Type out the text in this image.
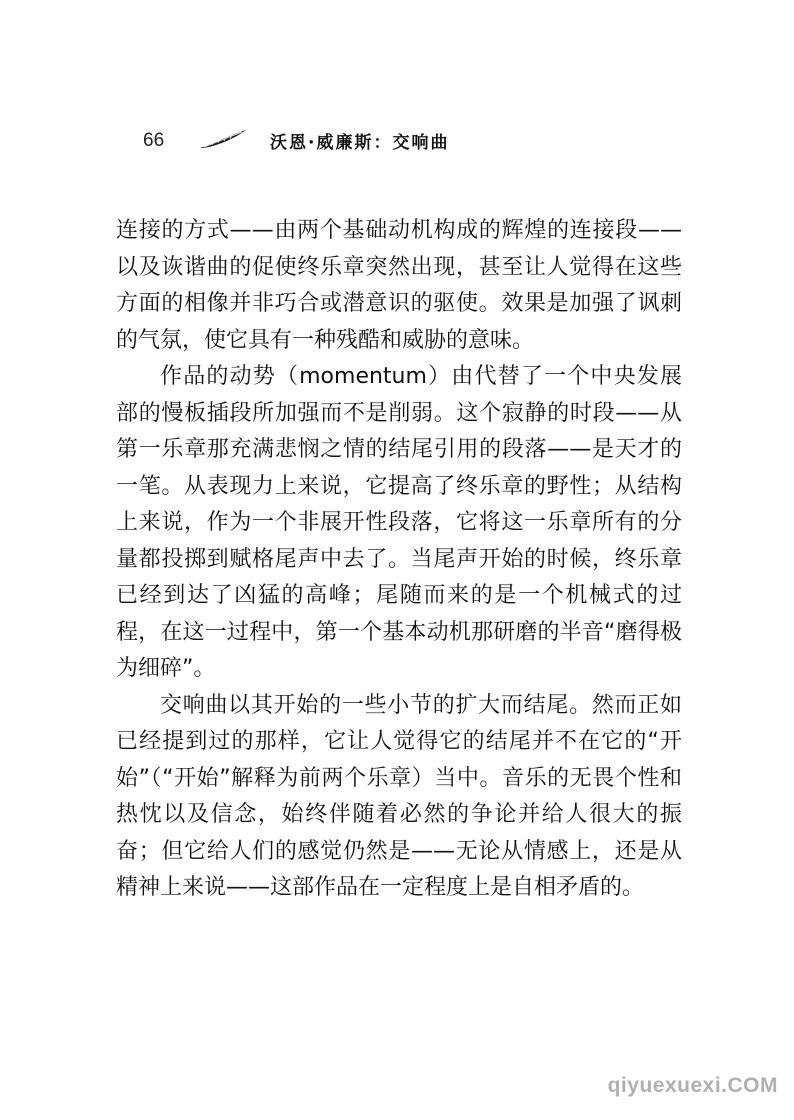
66	沃恩·威廉斯：交响曲

连接的方式——由两个基础动机构成的辉煌的连接段——以及诙谐曲的促使终乐章突然出现，甚至让人觉得在这些方面的相像并非巧合或潜意识的驱使。效果是加强了讽刺的气氛，使它具有一种残酷和威胁的意味。

作品的动势（momentum）由代替了一个中央发展部的慢板插段所加强而不是削弱。这个寂静的时段——从第一乐章那充满悲悯之情的结尾引用的段落——是天才的一笔。从表现力上来说，它提高了终乐章的野性；从结构上来说，作为一个非展开性段落，它将这一乐章所有的分量都投掷到赋格尾声中去了。当尾声开始的时候，终乐章已经到达了凶猛的高峰；尾随而来的是一个机械式的过程，在这一过程中，第一个基本动机那研磨的半音“磨得极为细碎”。

交响曲以其开始的一些小节的扩大而结尾。然而正如已经提到过的那样，它让人觉得它的结尾并不在它的“开始”（“开始”解释为前两个乐章）当中。音乐的无畏个性和热忱以及信念，始终伴随着必然的争论并给人很大的振奋；但它给人们的感觉仍然是——无论从情感上，还是从精神上来说——这部作品在一定程度上是自相矛盾的。

qiyuexuexi.COM
